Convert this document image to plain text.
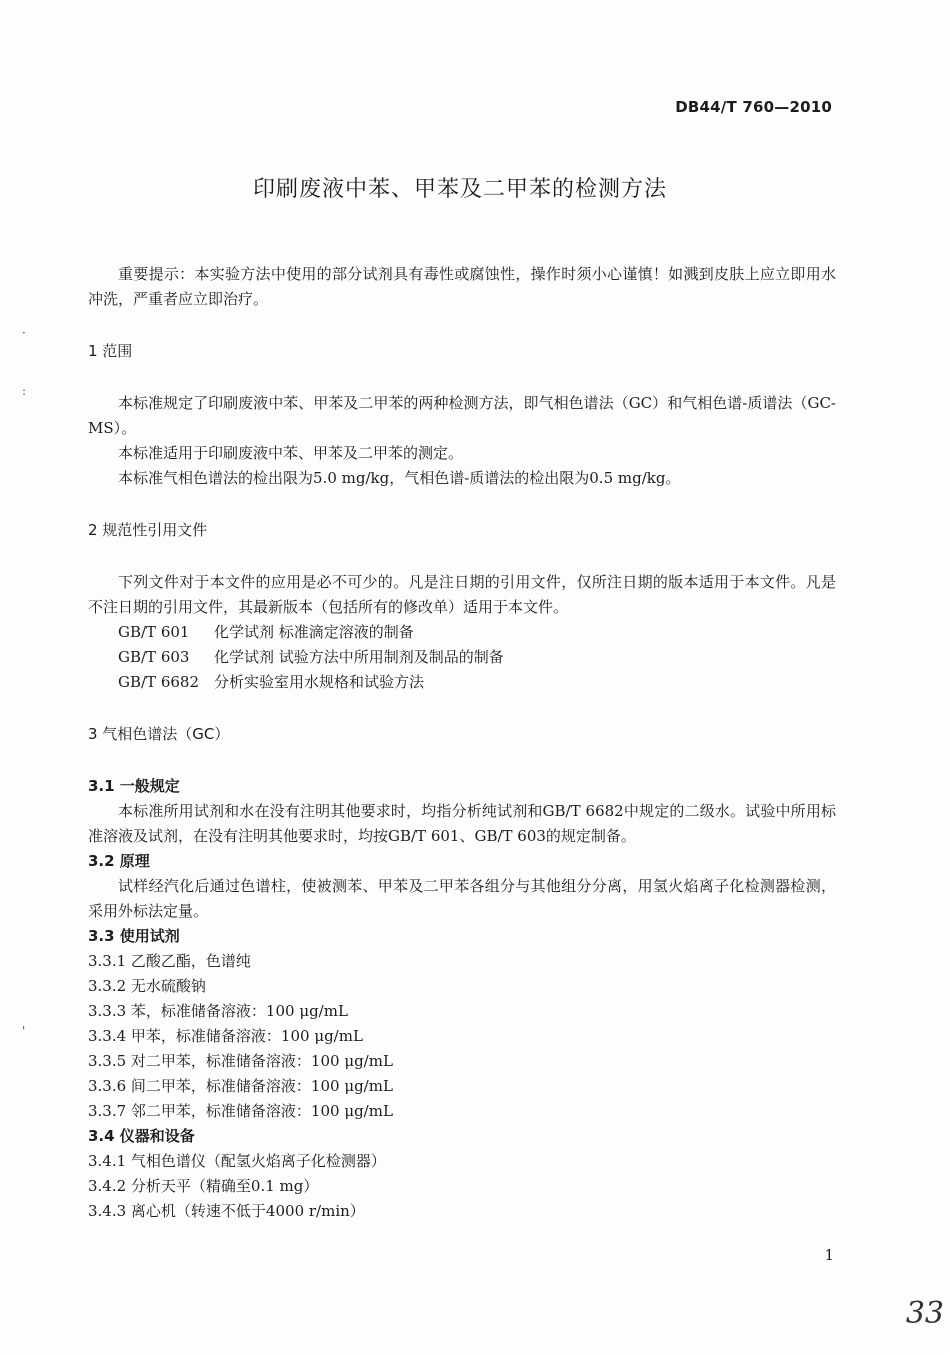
DB44/T 760—2010
印刷废液中苯、甲苯及二甲苯的检测方法
·
:
'

重要提示：本实验方法中使用的部分试剂具有毒性或腐蚀性，操作时须小心谨慎！如溅到皮肤上应立即用水冲洗，严重者应立即治疗。

1 范围

本标准规定了印刷废液中苯、甲苯及二甲苯的两种检测方法，即气相色谱法（GC）和气相色谱-质谱法（GC-MS）。

本标准适用于印刷废液中苯、甲苯及二甲苯的测定。

本标准气相色谱法的检出限为5.0 mg/kg，气相色谱-质谱法的检出限为0.5 mg/kg。

2 规范性引用文件

下列文件对于本文件的应用是必不可少的。凡是注日期的引用文件，仅所注日期的版本适用于本文件。凡是不注日期的引用文件，其最新版本（包括所有的修改单）适用于本文件。

GB/T 601	化学试剂 标准滴定溶液的制备
GB/T 603	化学试剂 试验方法中所用制剂及制品的制备
GB/T 6682 分析实验室用水规格和试验方法

3 气相色谱法（GC）

3.1 一般规定

本标准所用试剂和水在没有注明其他要求时，均指分析纯试剂和GB/T 6682中规定的二级水。试验中所用标准溶液及试剂，在没有注明其他要求时，均按GB/T 601、GB/T 603的规定制备。

3.2 原理

试样经汽化后通过色谱柱，使被测苯、甲苯及二甲苯各组分与其他组分分离，用氢火焰离子化检测器检测，采用外标法定量。

3.3 使用试剂

3.3.1 乙酸乙酯，色谱纯

3.3.2 无水硫酸钠

3.3.3 苯，标准储备溶液：100 μg/mL

3.3.4 甲苯，标准储备溶液：100 μg/mL

3.3.5 对二甲苯，标准储备溶液：100 μg/mL

3.3.6 间二甲苯，标准储备溶液：100 μg/mL

3.3.7 邻二甲苯，标准储备溶液：100 μg/mL

3.4 仪器和设备

3.4.1 气相色谱仪（配氢火焰离子化检测器）

3.4.2 分析天平（精确至0.1 mg）

3.4.3 离心机（转速不低于4000 r/min）

1
33
